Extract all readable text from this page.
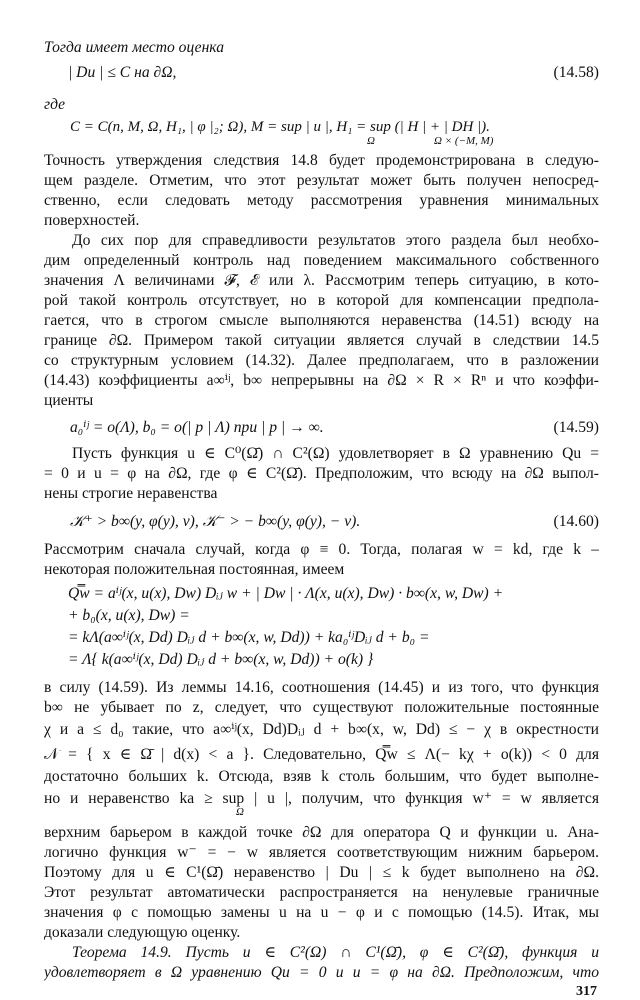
Тогда имеет место оценка
| Du | ≤ C на ∂Ω,	(14.58)
где
C = C(n, M, Ω, H₁, | φ |₂; Ω), M = sup | u |, H₁ = sup (| H | + | DH |).
Ω	Ω × (−M, M)
Точность утверждения следствия 14.8 будет продемонстрирована в следую-
щем разделе. Отметим, что этот результат может быть получен непосред-
ственно, если следовать методу рассмотрения уравнения минимальных
поверхностей.
До сих пор для справедливости результатов этого раздела был необхо-
дим определенный контроль над поведением максимального собственного
значения Λ величинами 𝓕, ℰ или λ. Рассмотрим теперь ситуацию, в кото-
рой такой контроль отсутствует, но в которой для компенсации предпола-
гается, что в строгом смысле выполняются неравенства (14.51) всюду на
границе ∂Ω. Примером такой ситуации является случай в следствии 14.5
со структурным условием (14.32). Далее предполагаем, что в разложении
(14.43) коэффициенты a∞ⁱʲ, b∞ непрерывны на ∂Ω × R × Rⁿ и что коэффи-
циенты
a₀ⁱʲ = o(Λ), b₀ = o(| p | Λ) при | p | → ∞.	(14.59)
Пусть функция u ∈ C⁰(Ω̄) ∩ C²(Ω) удовлетворяет в Ω уравнению Qu =
= 0 и u = φ на ∂Ω, где φ ∈ C²(Ω̄). Предположим, что всюду на ∂Ω выпол-
нены строгие неравенства
𝒦⁺ > b∞(y, φ(y), ν), 𝒦⁻ > − b∞(y, φ(y), − ν).	(14.60)
Рассмотрим сначала случай, когда φ ≡ 0. Тогда, полагая w = kd, где k –
некоторая положительная постоянная, имеем
Q̿w = aⁱʲ(x, u(x), Dw) Dᵢⱼ w + | Dw | · Λ(x, u(x), Dw) · b∞(x, w, Dw) +
+ b₀(x, u(x), Dw) =
= kΛ(a∞ⁱʲ(x, Dd) Dᵢⱼ d + b∞(x, w, Dd)) + ka₀ⁱʲDᵢⱼ d + b₀ =
= Λ{ k(a∞ⁱʲ(x, Dd) Dᵢⱼ d + b∞(x, w, Dd)) + o(k) }
в силу (14.59). Из леммы 14.16, соотношения (14.45) и из того, что функция
b∞ не убывает по z, следует, что существуют положительные постоянные
χ и a ≤ d₀ такие, что a∞ⁱʲ(x, Dd)Dᵢⱼ d + b∞(x, w, Dd) ≤ − χ в окрестности
𝒩 = { x ∈ Ω̄ | d(x) < a }. Следовательно, Q̿w ≤ Λ(− kχ + o(k)) < 0 для
достаточно больших k. Отсюда, взяв k столь большим, что будет выполне-
но и неравенство ka ≥ sup | u |, получим, что функция w⁺ = w является
Ω
верхним барьером в каждой точке ∂Ω для оператора Q и функции u. Ана-
логично функция w⁻ = − w является соответствующим нижним барьером.
Поэтому для u ∈ C¹(Ω̄) неравенство | Du | ≤ k будет выполнено на ∂Ω.
Этот результат автоматически распространяется на ненулевые граничные
значения φ с помощью замены u на u − φ и с помощью (14.5). Итак, мы
доказали следующую оценку.
Теорема 14.9. Пусть u ∈ C²(Ω) ∩ C¹(Ω̄), φ ∈ C²(Ω̄), функция u
удовлетворяет в Ω уравнению Qu = 0 и u = φ на ∂Ω. Предположим, что
317
